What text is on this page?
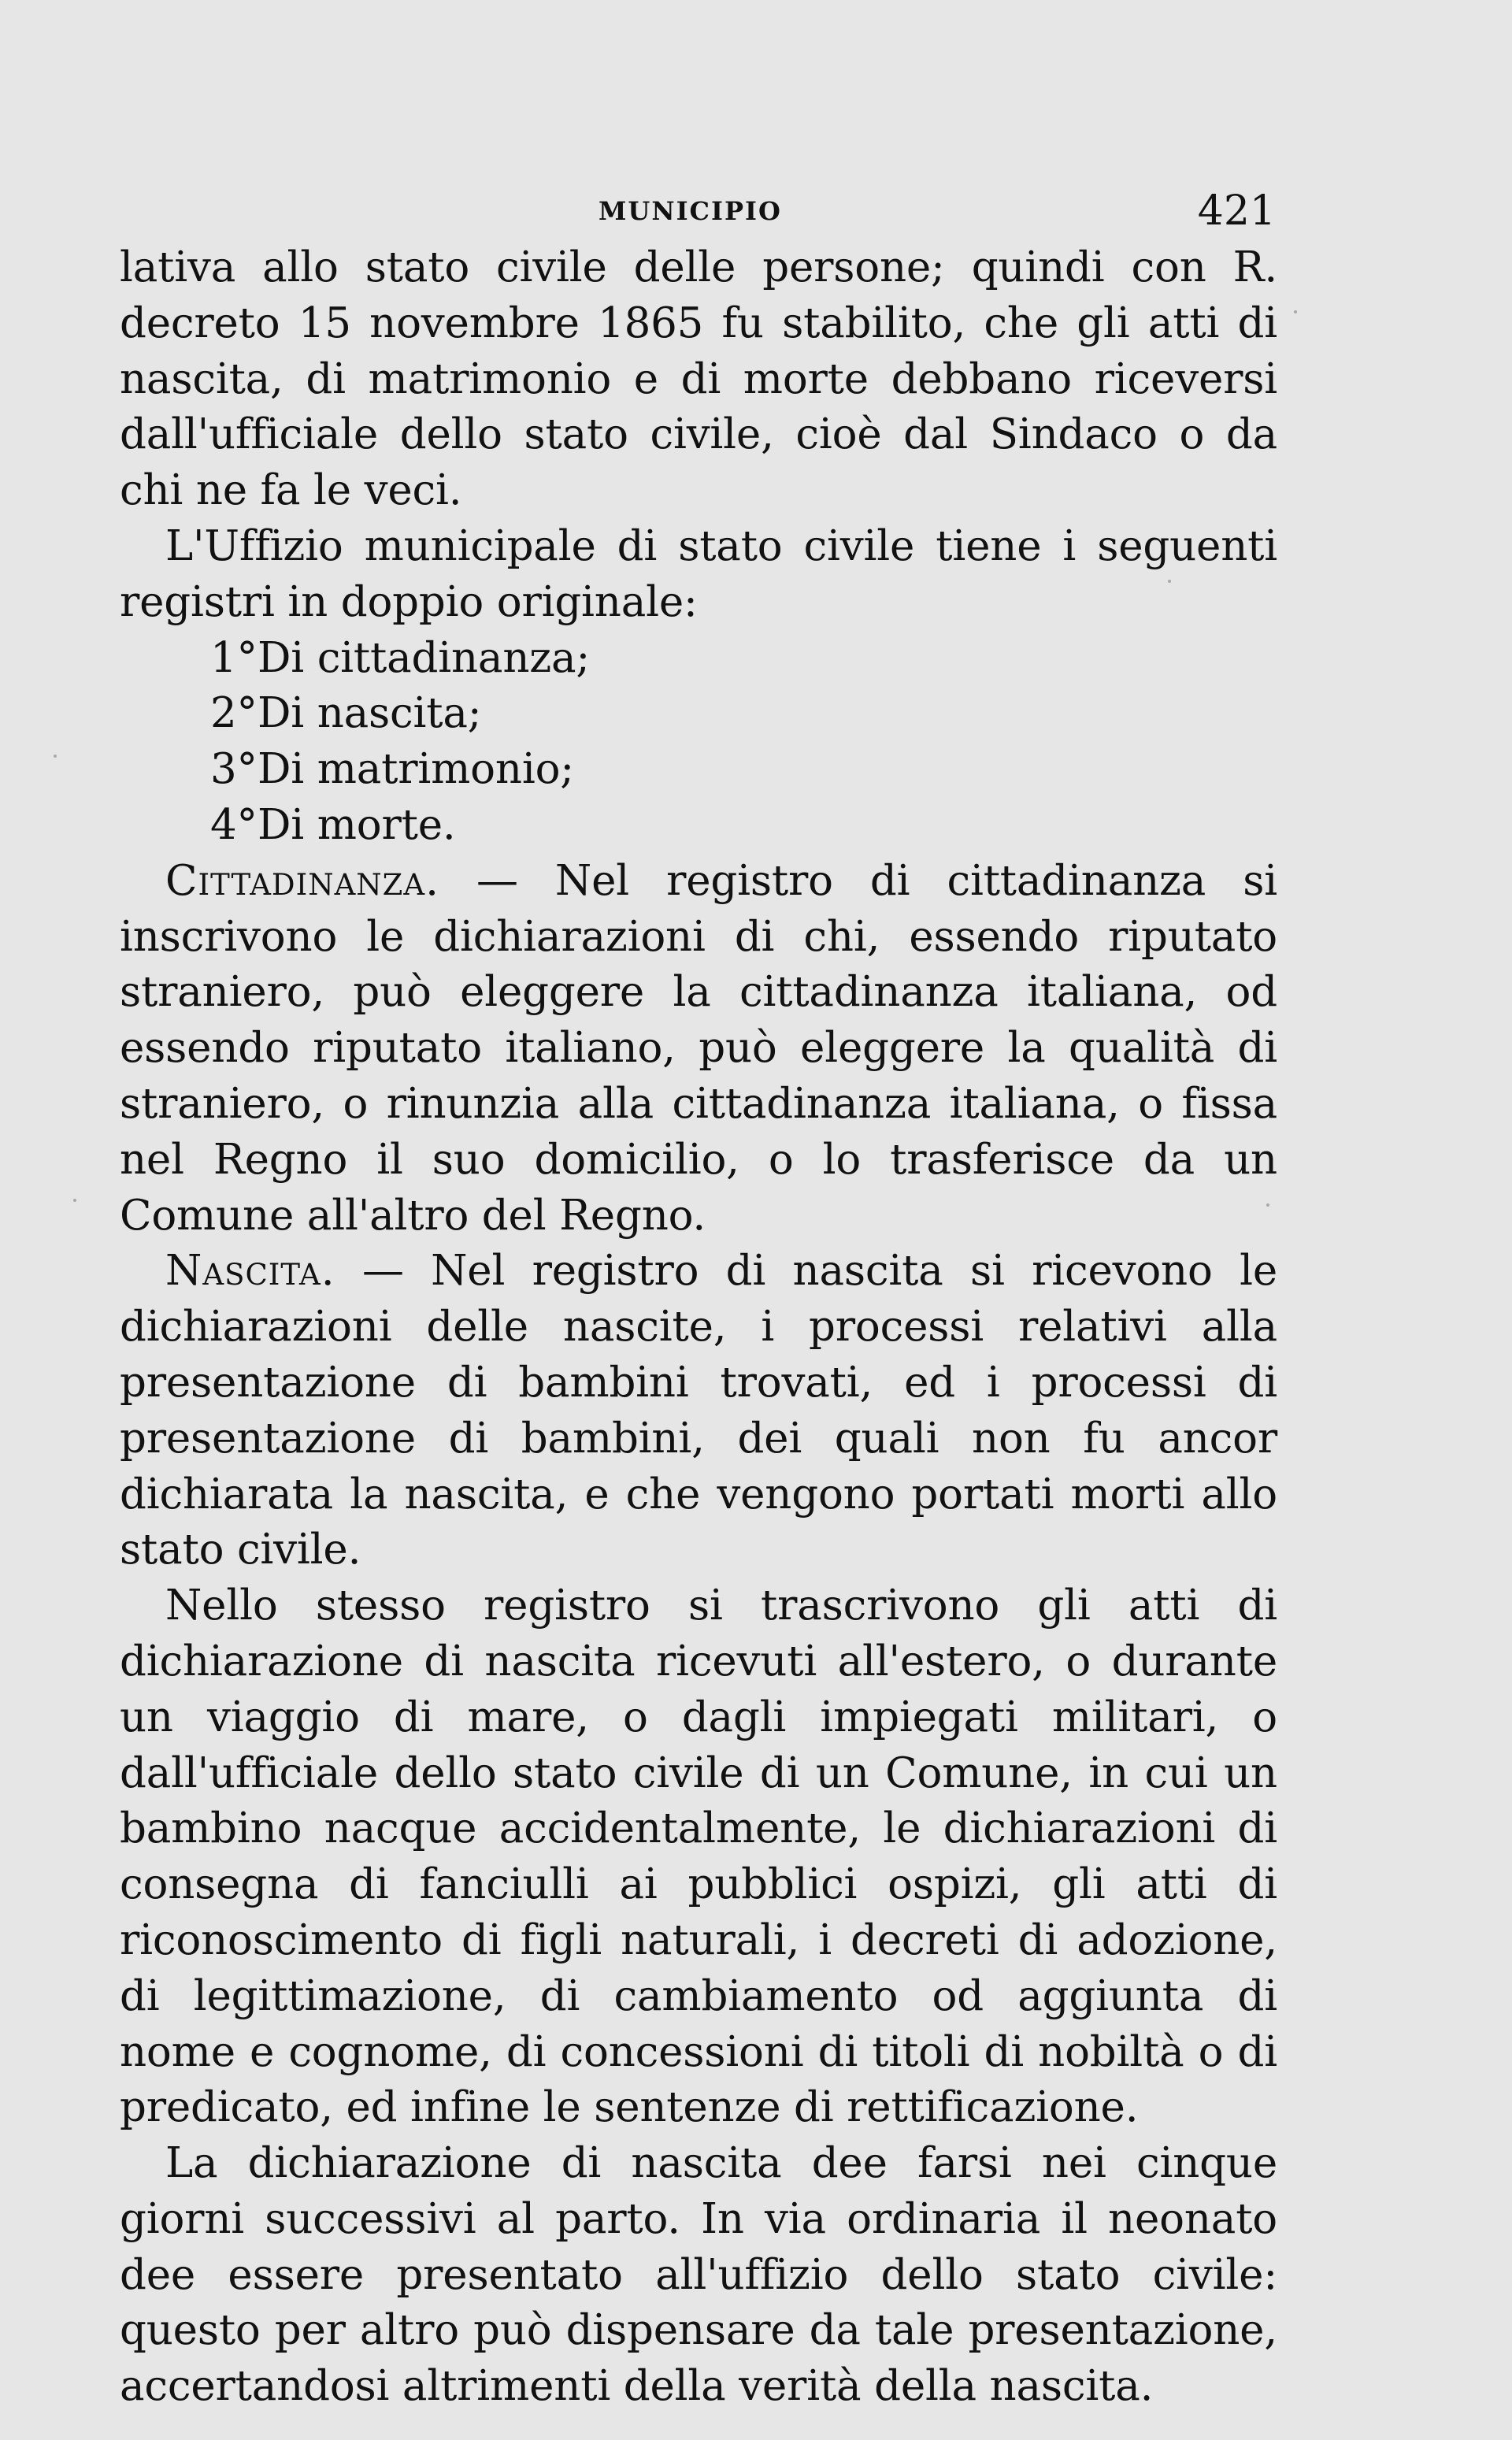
MUNICIPIO	421

lativa allo stato civile delle persone; quindi con R. decreto 15 novembre 1865 fu stabilito, che gli atti di nascita, di matrimonio e di morte debbano riceversi dall'ufficiale dello stato civile, cioè dal Sindaco o da chi ne fa le veci.

L'Uffizio municipale di stato civile tiene i seguenti registri in doppio originale:

1°Di cittadinanza;
2°Di nascita;
3°Di matrimonio;
4°Di morte.

Cittadinanza. — Nel registro di cittadinanza si inscrivono le dichiarazioni di chi, essendo riputato straniero, può eleggere la cittadinanza italiana, od essendo riputato italiano, può eleggere la qualità di straniero, o rinunzia alla cittadinanza italiana, o fissa nel Regno il suo domicilio, o lo trasferisce da un Comune all'altro del Regno.

Nascita. — Nel registro di nascita si ricevono le dichiarazioni delle nascite, i processi relativi alla presentazione di bambini trovati, ed i processi di presentazione di bambini, dei quali non fu ancor dichiarata la nascita, e che vengono portati morti allo stato civile.

Nello stesso registro si trascrivono gli atti di dichiarazione di nascita ricevuti all'estero, o durante un viaggio di mare, o dagli impiegati militari, o dall'ufficiale dello stato civile di un Comune, in cui un bambino nacque accidentalmente, le dichiarazioni di consegna di fanciulli ai pubblici ospizi, gli atti di riconoscimento di figli naturali, i decreti di adozione, di legittimazione, di cambiamento od aggiunta di nome e cognome, di concessioni di titoli di nobiltà o di predicato, ed infine le sentenze di rettificazione.

La dichiarazione di nascita dee farsi nei cinque giorni successivi al parto. In via ordinaria il neonato dee essere presentato all'uffizio dello stato civile: questo per altro può dispensare da tale presentazione, accertandosi altrimenti della verità della nascita.
